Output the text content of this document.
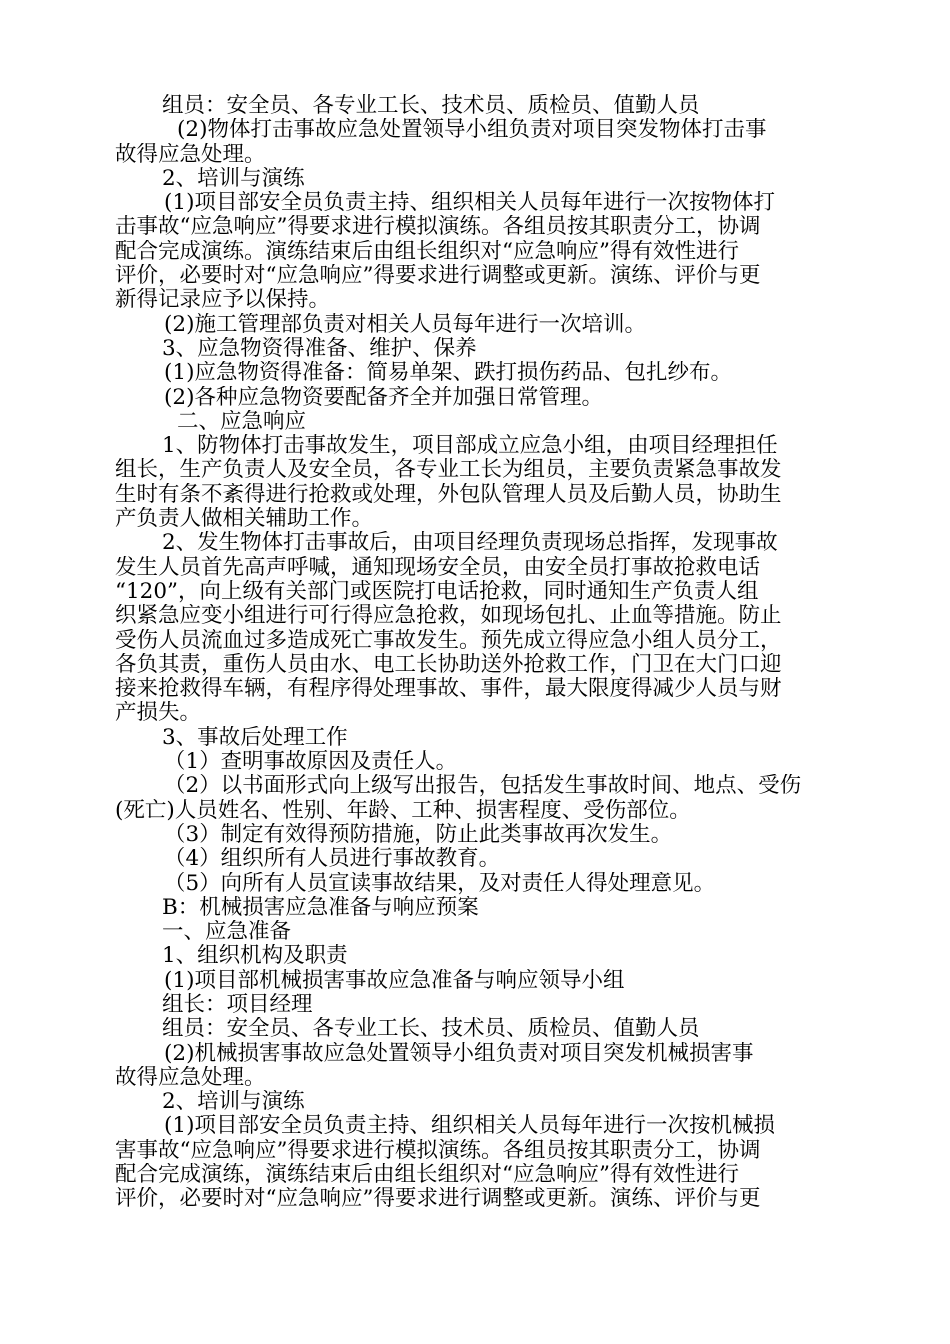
组员：安全员、各专业工长、技术员、质检员、值勤人员

(2)物体打击事故应急处置领导小组负责对项目突发物体打击事

故得应急处理。

2、培训与演练

(1)项目部安全员负责主持、组织相关人员每年进行一次按物体打

击事故“应急响应”得要求进行模拟演练。各组员按其职责分工，协调

配合完成演练。演练结束后由组长组织对“应急响应”得有效性进行

评价，必要时对“应急响应”得要求进行调整或更新。演练、评价与更

新得记录应予以保持。

(2)施工管理部负责对相关人员每年进行一次培训。

3、应急物资得准备、维护、保养

(1)应急物资得准备：简易单架、跌打损伤药品、包扎纱布。

(2)各种应急物资要配备齐全并加强日常管理。

二、应急响应

1、防物体打击事故发生，项目部成立应急小组，由项目经理担任

组长，生产负责人及安全员，各专业工长为组员，主要负责紧急事故发

生时有条不紊得进行抢救或处理，外包队管理人员及后勤人员，协助生

产负责人做相关辅助工作。

2、发生物体打击事故后，由项目经理负责现场总指挥，发现事故

发生人员首先高声呼喊，通知现场安全员，由安全员打事故抢救电话

“120”，向上级有关部门或医院打电话抢救，同时通知生产负责人组

织紧急应变小组进行可行得应急抢救，如现场包扎、止血等措施。防止

受伤人员流血过多造成死亡事故发生。预先成立得应急小组人员分工，

各负其责，重伤人员由水、电工长协助送外抢救工作，门卫在大门口迎

接来抢救得车辆，有程序得处理事故、事件，最大限度得减少人员与财

产损失。

3、事故后处理工作

（1）查明事故原因及责任人。

（2）以书面形式向上级写出报告，包括发生事故时间、地点、受伤

(死亡)人员姓名、性别、年龄、工种、损害程度、受伤部位。

（3）制定有效得预防措施，防止此类事故再次发生。

（4）组织所有人员进行事故教育。

（5）向所有人员宣读事故结果，及对责任人得处理意见。

B：机械损害应急准备与响应预案

一、应急准备

1、组织机构及职责

(1)项目部机械损害事故应急准备与响应领导小组

组长：项目经理

组员：安全员、各专业工长、技术员、质检员、值勤人员

(2)机械损害事故应急处置领导小组负责对项目突发机械损害事

故得应急处理。

2、培训与演练

(1)项目部安全员负责主持、组织相关人员每年进行一次按机械损

害事故“应急响应”得要求进行模拟演练。各组员按其职责分工，协调

配合完成演练，演练结束后由组长组织对“应急响应”得有效性进行

评价，必要时对“应急响应”得要求进行调整或更新。演练、评价与更
